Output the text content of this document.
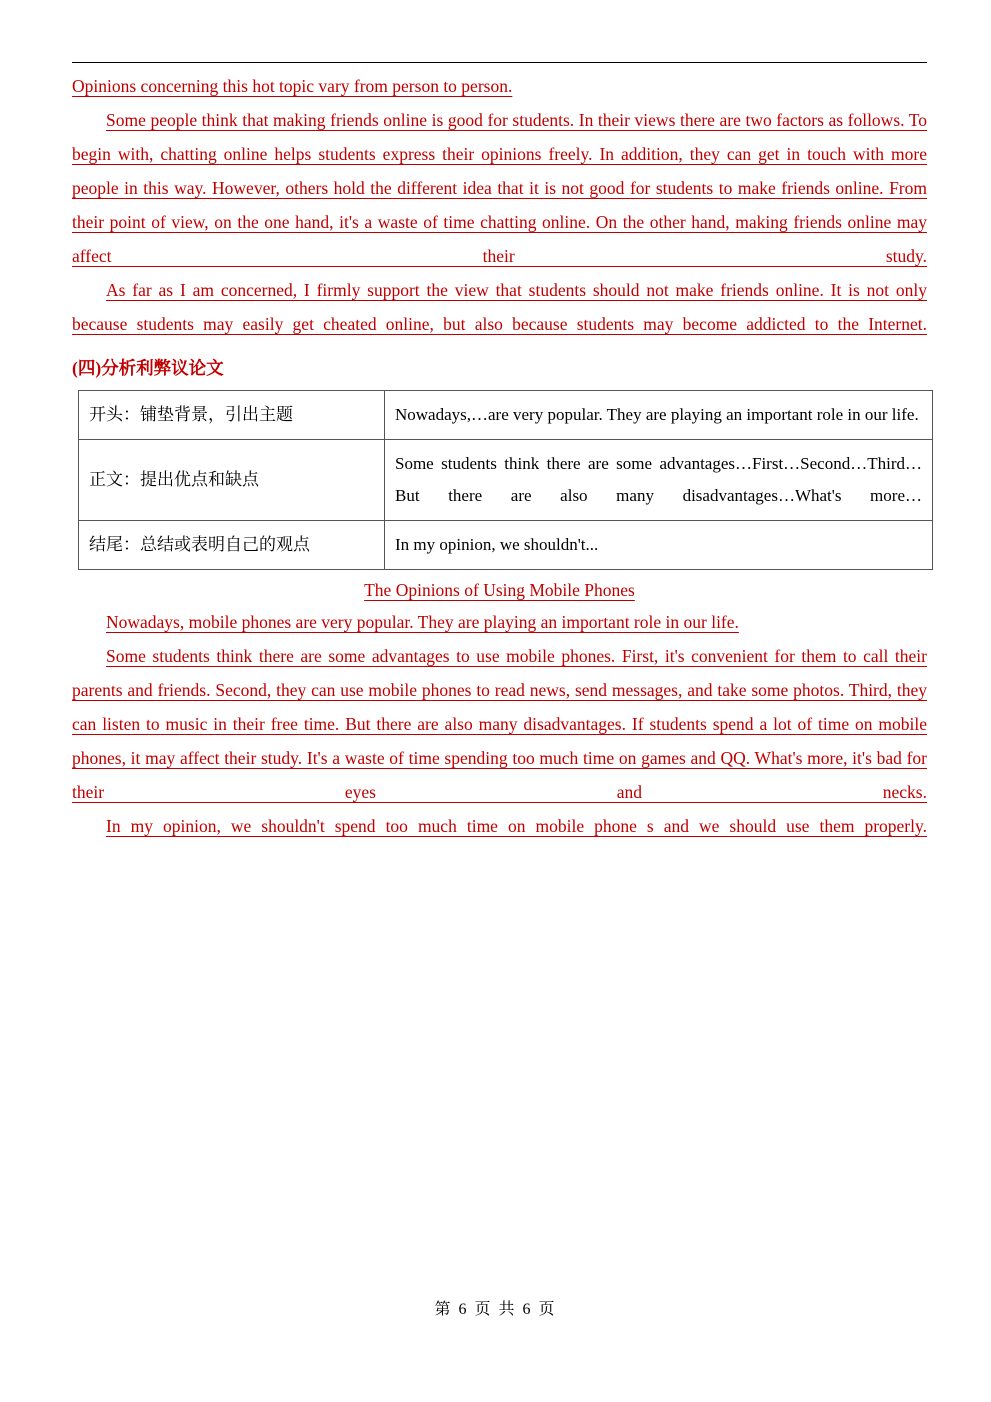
Opinions concerning this hot topic vary from person to person.

Some people think that making friends online is good for students. In their views there are two factors as follows. To begin with, chatting online helps students express their opinions freely. In addition, they can get in touch with more people in this way. However, others hold the different idea that it is not good for students to make friends online. From their point of view, on the one hand, it's a waste of time chatting online. On the other hand, making friends online may affect their study.

As far as I am concerned, I firmly support the view that students should not make friends online. It is not only because students may easily get cheated online, but also because students may become addicted to the Internet.

(四)分析利弊议论文
开头：铺垫背景，引出主题	Nowadays,…are very popular. They are playing an important role in our life.
正文：提出优点和缺点	Some students think there are some advantages…First…Second…Third…But there are also many disadvantages…What's more…
结尾：总结或表明自己的观点	In my opinion, we shouldn't...
The Opinions of Using Mobile Phones

Nowadays, mobile phones are very popular. They are playing an important role in our life.

Some students think there are some advantages to use mobile phones. First, it's convenient for them to call their parents and friends. Second, they can use mobile phones to read news, send messages, and take some photos. Third, they can listen to music in their free time. But there are also many disadvantages. If students spend a lot of time on mobile phones, it may affect their study. It's a waste of time spending too much time on games and QQ. What's more, it's bad for their eyes and necks.

In my opinion, we shouldn't spend too much time on mobile phone s and we should use them properly.

第 6 页 共 6 页
